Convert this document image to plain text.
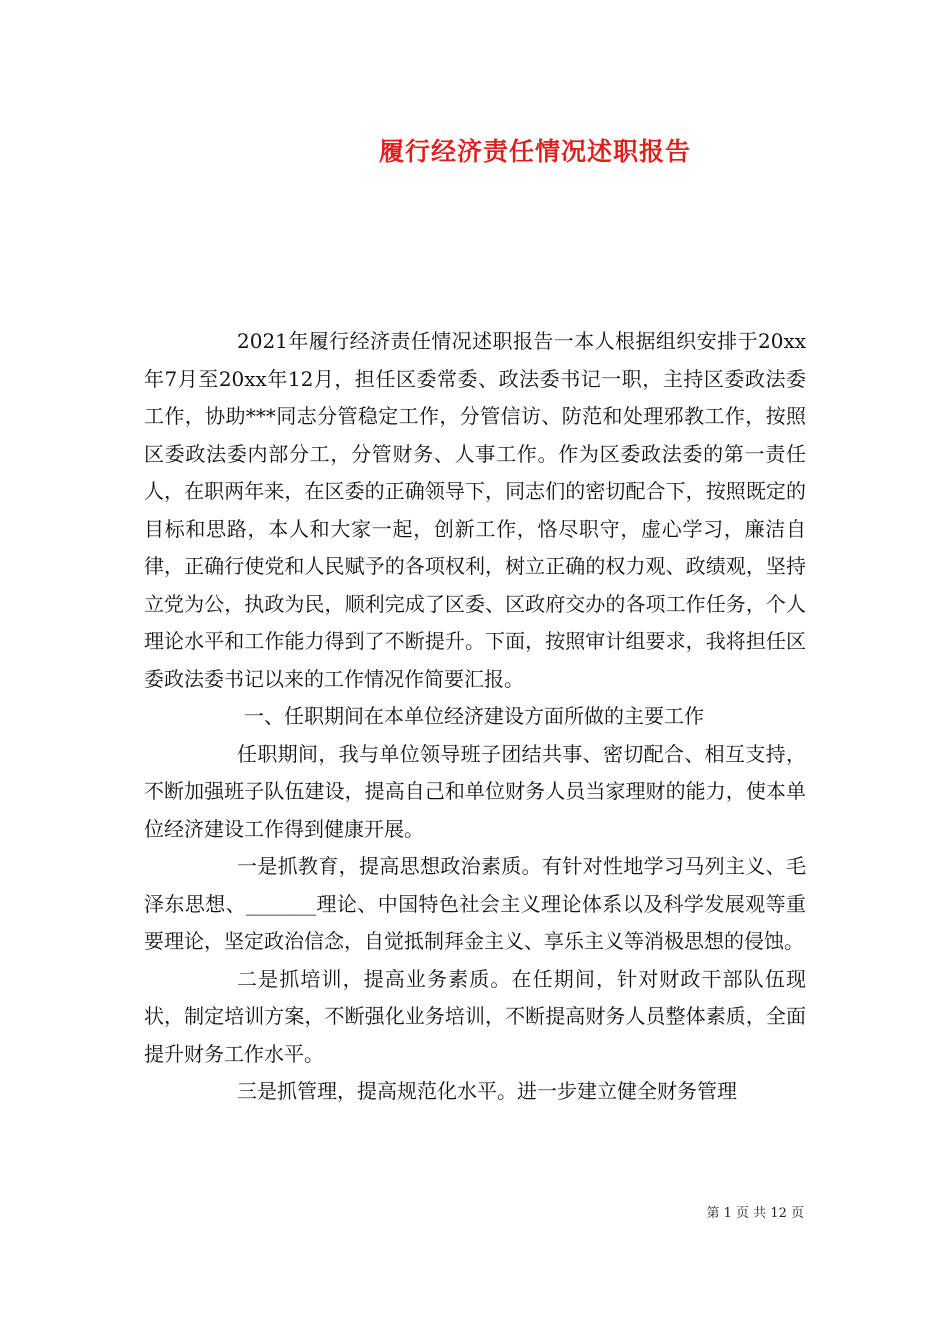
履行经济责任情况述职报告

2021年履行经济责任情况述职报告一本人根据组织安排于20xx年7月至20xx年12月，担任区委常委、政法委书记一职，主持区委政法委工作，协助***同志分管稳定工作，分管信访、防范和处理邪教工作，按照区委政法委内部分工，分管财务、人事工作。作为区委政法委的第一责任人，在职两年来，在区委的正确领导下，同志们的密切配合下，按照既定的目标和思路，本人和大家一起，创新工作，恪尽职守，虚心学习，廉洁自律，正确行使党和人民赋予的各项权利，树立正确的权力观、政绩观，坚持立党为公，执政为民，顺利完成了区委、区政府交办的各项工作任务，个人理论水平和工作能力得到了不断提升。下面，按照审计组要求，我将担任区委政法委书记以来的工作情况作简要汇报。

一、任职期间在本单位经济建设方面所做的主要工作

任职期间，我与单位领导班子团结共事、密切配合、相互支持，不断加强班子队伍建设，提高自己和单位财务人员当家理财的能力，使本单位经济建设工作得到健康开展。

一是抓教育，提高思想政治素质。有针对性地学习马列主义、毛泽东思想、_______理论、中国特色社会主义理论体系以及科学发展观等重要理论，坚定政治信念，自觉抵制拜金主义、享乐主义等消极思想的侵蚀。

二是抓培训，提高业务素质。在任期间，针对财政干部队伍现状，制定培训方案，不断强化业务培训，不断提高财务人员整体素质，全面提升财务工作水平。

三是抓管理，提高规范化水平。进一步建立健全财务管理

第 1 页 共 12 页
